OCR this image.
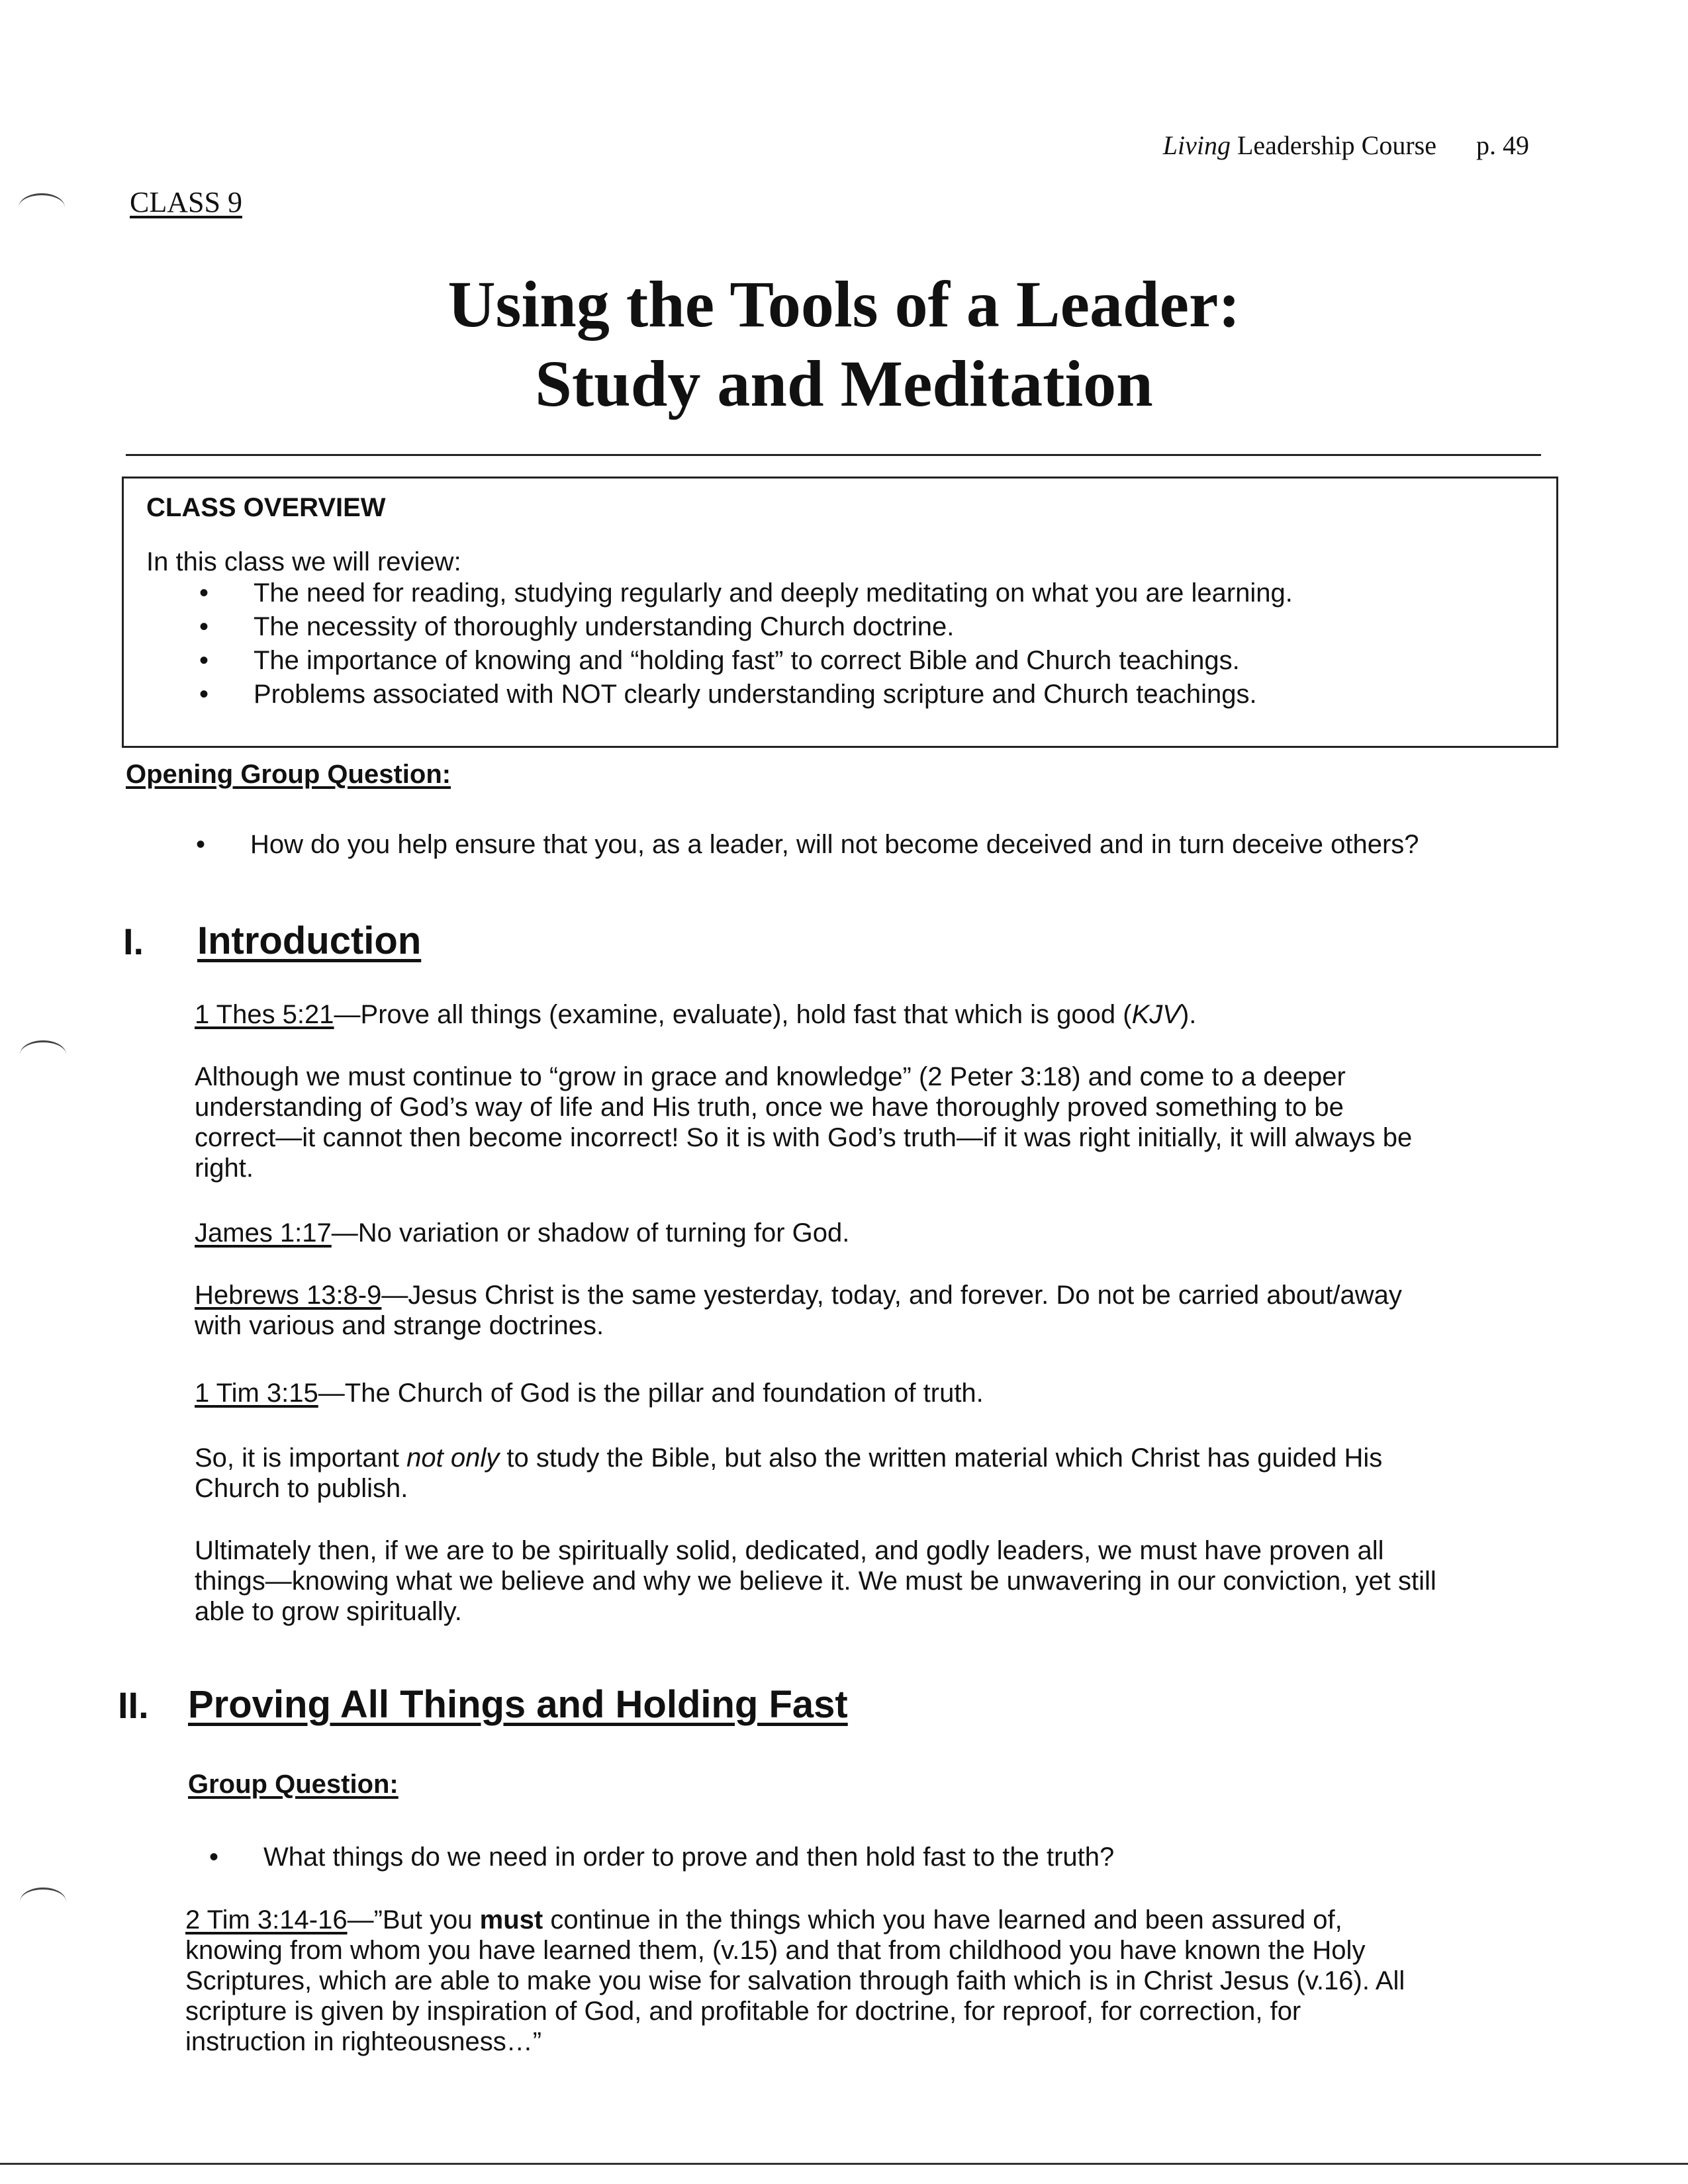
Living Leadership Course p. 49
CLASS 9
Using the Tools of a Leader:
Study and Meditation
CLASS OVERVIEW
In this class we will review:
• The need for reading, studying regularly and deeply meditating on what you are learning.
• The necessity of thoroughly understanding Church doctrine.
• The importance of knowing and “holding fast” to correct Bible and Church teachings.
• Problems associated with NOT clearly understanding scripture and Church teachings.
Opening Group Question:
• How do you help ensure that you, as a leader, will not become deceived and in turn deceive others?
I. Introduction
1 Thes 5:21—Prove all things (examine, evaluate), hold fast that which is good (KJV).
Although we must continue to “grow in grace and knowledge” (2 Peter 3:18) and come to a deeper
understanding of God’s way of life and His truth, once we have thoroughly proved something to be
correct—it cannot then become incorrect! So it is with God’s truth—if it was right initially, it will always be
right.
James 1:17—No variation or shadow of turning for God.
Hebrews 13:8-9—Jesus Christ is the same yesterday, today, and forever. Do not be carried about/away
with various and strange doctrines.
1 Tim 3:15—The Church of God is the pillar and foundation of truth.
So, it is important not only to study the Bible, but also the written material which Christ has guided His
Church to publish.
Ultimately then, if we are to be spiritually solid, dedicated, and godly leaders, we must have proven all
things—knowing what we believe and why we believe it. We must be unwavering in our conviction, yet still
able to grow spiritually.
II. Proving All Things and Holding Fast
Group Question:
• What things do we need in order to prove and then hold fast to the truth?
2 Tim 3:14-16—”But you must continue in the things which you have learned and been assured of,
knowing from whom you have learned them, (v.15) and that from childhood you have known the Holy
Scriptures, which are able to make you wise for salvation through faith which is in Christ Jesus (v.16). All
scripture is given by inspiration of God, and profitable for doctrine, for reproof, for correction, for
instruction in righteousness…”
